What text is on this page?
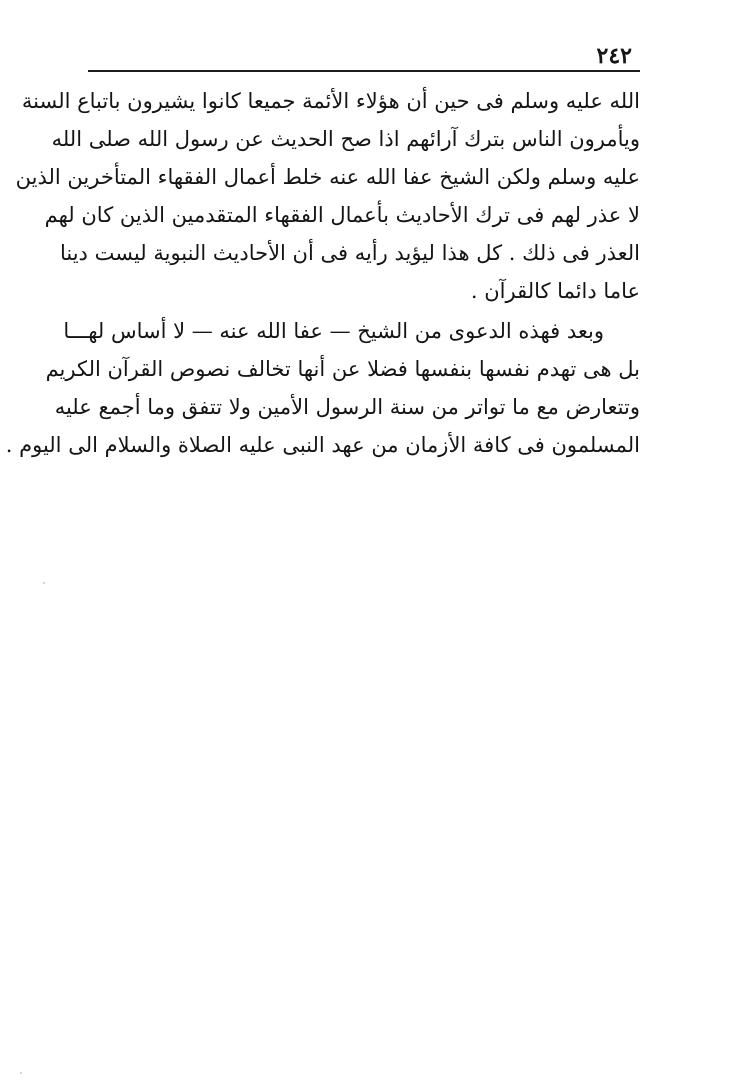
٢٤٢
الله عليه وسلم فى حين أن هؤلاء الأئمة جميعا كانوا يشيرون باتباع السنة
ويأمرون الناس بترك آرائهم اذا صح الحديث عن رسول الله صلى الله
عليه وسلم ولكن الشيخ عفا الله عنه خلط أعمال الفقهاء المتأخرين الذين
لا عذر لهم فى ترك الأحاديث بأعمال الفقهاء المتقدمين الذين كان لهم
العذر فى ذلك . كل هذا ليؤيد رأيه فى أن الأحاديث النبوية ليست دينا
عاما دائما كالقرآن .
وبعد فهذه الدعوى من الشيخ — عفا الله عنه — لا أساس لهـــا
بل هى تهدم نفسها بنفسها فضلا عن أنها تخالف نصوص القرآن الكريم
وتتعارض مع ما تواتر من سنة الرسول الأمين ولا تتفق وما أجمع عليه
المسلمون فى كافة الأزمان من عهد النبى عليه الصلاة والسلام الى اليوم .
